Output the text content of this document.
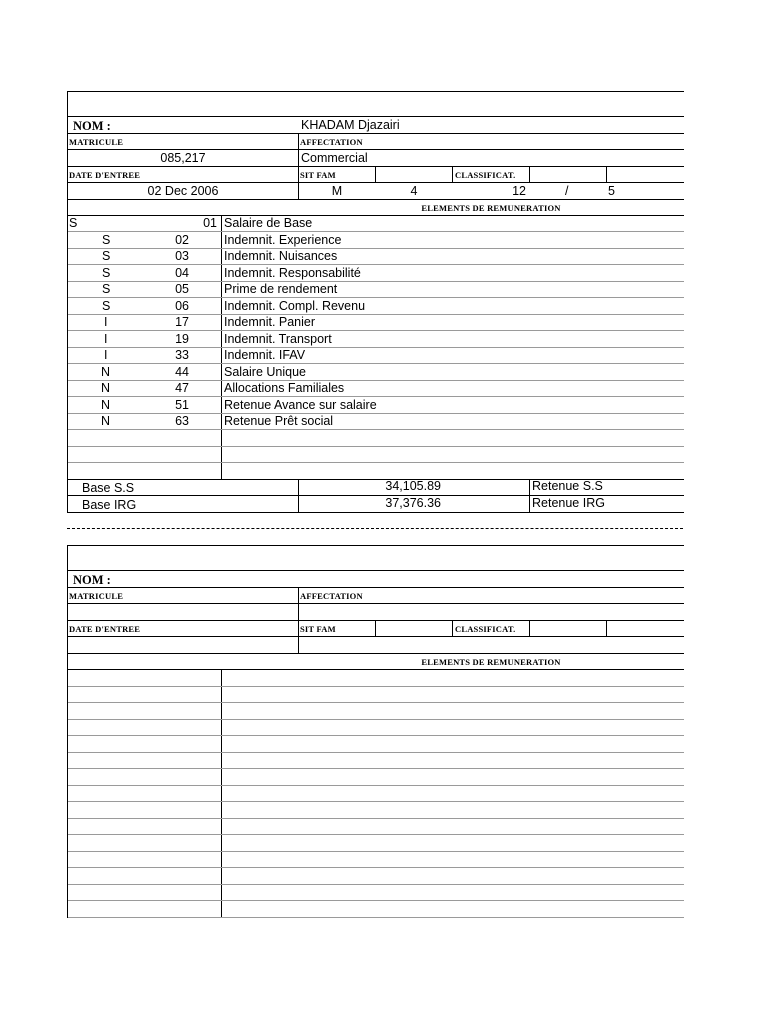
NOM :	KHADAM Djazairi
MATRICULE	AFFECTATION
085,217	Commercial
DATE D'ENTREE	SIT FAM	CLASSIFICAT.
02 Dec 2006	M	4	12	/	5
ELEMENTS DE REMUNERATION
S	01 Salaire de Base
S	02	Indemnit. Experience
S	03	Indemnit. Nuisances
S	04	Indemnit. Responsabilité
S	05	Prime de rendement
S	06	Indemnit. Compl. Revenu
I	17	Indemnit. Panier
I	19	Indemnit. Transport
I	33	Indemnit. IFAV
N	44	Salaire Unique
N	47	Allocations Familiales
N	51	Retenue Avance sur salaire
N	63	Retenue Prêt social
Base S.S	34,105.89	Retenue S.S
Base IRG	37,376.36	Retenue IRG
NOM :
MATRICULE	AFFECTATION
DATE D'ENTREE	SIT FAM	CLASSIFICAT.
ELEMENTS DE REMUNERATION
